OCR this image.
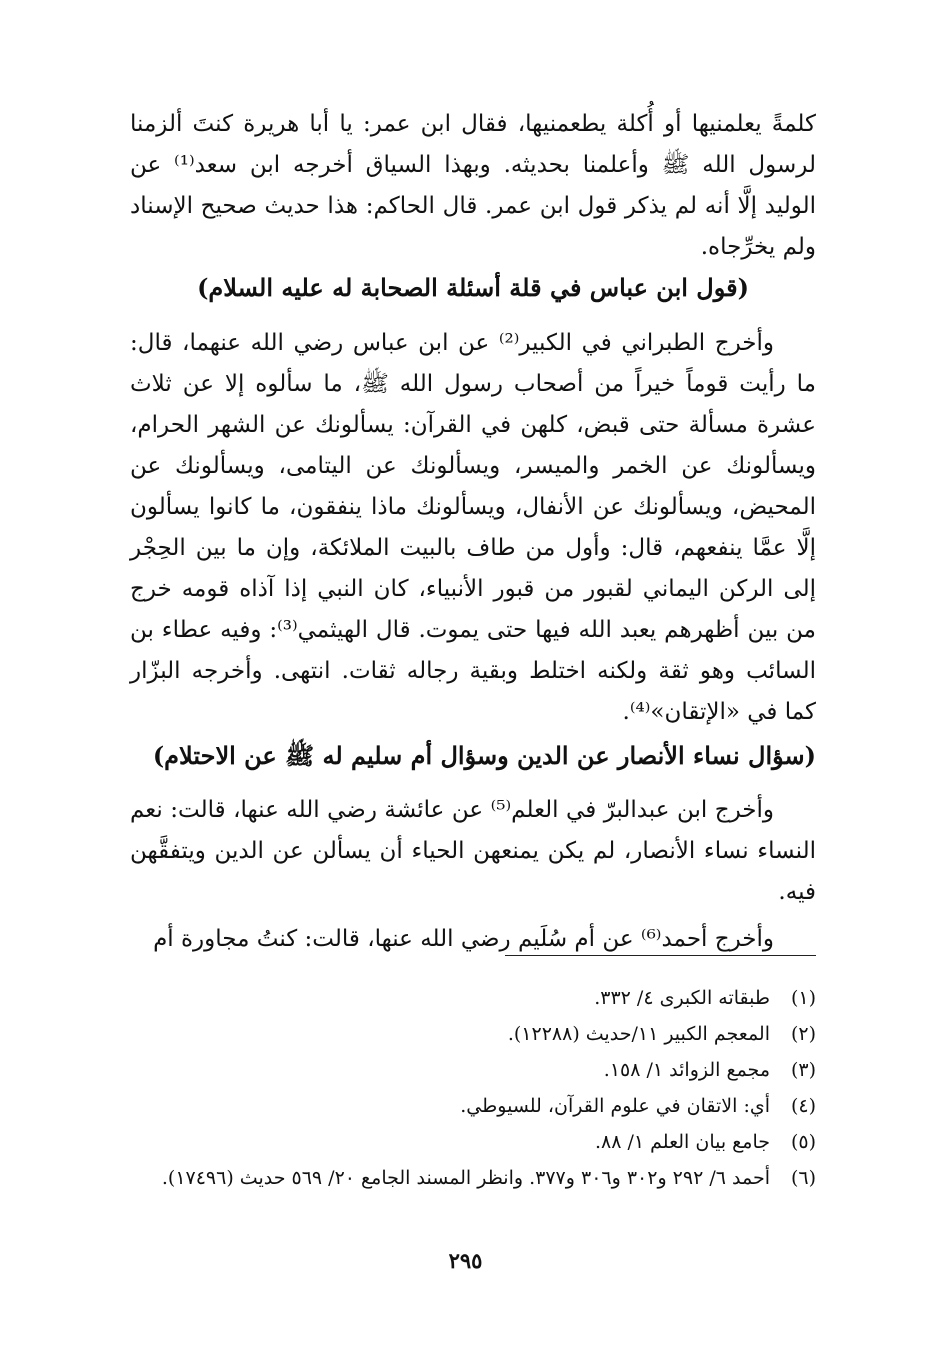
كلمةً يعلمنيها أو أُكلة يطعمنيها، فقال ابن عمر: يا أبا هريرة كنتَ ألزمنا لرسول الله ﷺ وأعلمنا بحديثه. وبهذا السياق أخرجه ابن سعد⁽¹⁾ عن الوليد إلَّا أنه لم يذكر قول ابن عمر. قال الحاكم: هذا حديث صحيح الإسناد ولم يخرِّجاه.

(قول ابن عباس في قلة أسئلة الصحابة له عليه السلام)

وأخرج الطبراني في الكبير⁽²⁾ عن ابن عباس رضي الله عنهما، قال: ما رأيت قوماً خيراً من أصحاب رسول الله ﷺ، ما سألوه إلا عن ثلاث عشرة مسألة حتى قبض، كلهن في القرآن: يسألونك عن الشهر الحرام، ويسألونك عن الخمر والميسر، ويسألونك عن اليتامى، ويسألونك عن المحيض، ويسألونك عن الأنفال، ويسألونك ماذا ينفقون، ما كانوا يسألون إلَّا عمَّا ينفعهم، قال: وأول من طاف بالبيت الملائكة، وإن ما بين الحِجْر إلى الركن اليماني لقبور من قبور الأنبياء، كان النبي إذا آذاه قومه خرج من بين أظهرهم يعبد الله فيها حتى يموت. قال الهيثمي⁽³⁾: وفيه عطاء بن السائب وهو ثقة ولكنه اختلط وبقية رجاله ثقات. انتهى. وأخرجه البزّار كما في «الإتقان»⁽⁴⁾.

(سؤال نساء الأنصار عن الدين وسؤال أم سليم له ﷺ عن الاحتلام)

وأخرج ابن عبدالبرّ في العلم⁽⁵⁾ عن عائشة رضي الله عنها، قالت: نعم النساء نساء الأنصار، لم يكن يمنعهن الحياء أن يسألن عن الدين ويتفقَّهن فيه.

وأخرج أحمد⁽⁶⁾ عن أم سُلَيم رضي الله عنها، قالت: كنتُ مجاورة أم

(١)
طبقاته الكبرى ٤/ ٣٣٢.
(٢)
المعجم الكبير ١١/حديث (١٢٢٨٨).
(٣)
مجمع الزوائد ١/ ١٥٨.
(٤)
أي: الاتقان في علوم القرآن، للسيوطي.
(٥)
جامع بيان العلم ١/ ٨٨.
(٦)
أحمد ٦/ ٢٩٢ و٣٠٢ و٣٠٦ و٣٧٧. وانظر المسند الجامع ٢٠/ ٥٦٩ حديث (١٧٤٩٦).
٢٩٥
